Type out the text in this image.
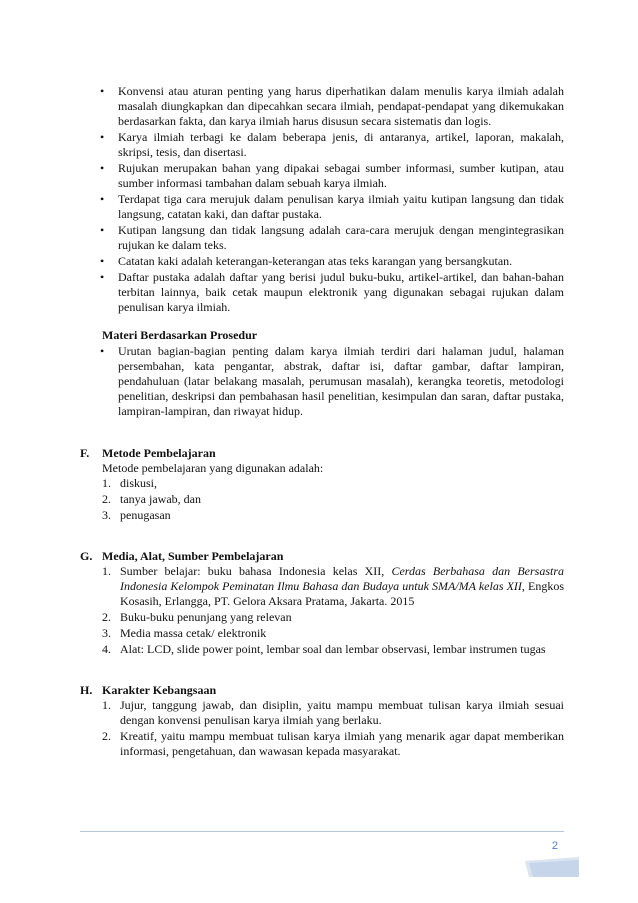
• Konvensi atau aturan penting yang harus diperhatikan dalam menulis karya ilmiah adalah masalah diungkapkan dan dipecahkan secara ilmiah, pendapat-pendapat yang dikemukakan berdasarkan fakta, dan karya ilmiah harus disusun secara sistematis dan logis.
• Karya ilmiah terbagi ke dalam beberapa jenis, di antaranya, artikel, laporan, makalah, skripsi, tesis, dan disertasi.
• Rujukan merupakan bahan yang dipakai sebagai sumber informasi, sumber kutipan, atau sumber informasi tambahan dalam sebuah karya ilmiah.
• Terdapat tiga cara merujuk dalam penulisan karya ilmiah yaitu kutipan langsung dan tidak langsung, catatan kaki, dan daftar pustaka.
• Kutipan langsung dan tidak langsung adalah cara-cara merujuk dengan mengintegrasikan rujukan ke dalam teks.
• Catatan kaki adalah keterangan-keterangan atas teks karangan yang bersangkutan.
• Daftar pustaka adalah daftar yang berisi judul buku-buku, artikel-artikel, dan bahan-bahan terbitan lainnya, baik cetak maupun elektronik yang digunakan sebagai rujukan dalam penulisan karya ilmiah.
Materi Berdasarkan Prosedur
• Urutan bagian-bagian penting dalam karya ilmiah terdiri dari halaman judul, halaman persembahan, kata pengantar, abstrak, daftar isi, daftar gambar, daftar lampiran, pendahuluan (latar belakang masalah, perumusan masalah), kerangka teoretis, metodologi penelitian, deskripsi dan pembahasan hasil penelitian, kesimpulan dan saran, daftar pustaka, lampiran-lampiran, dan riwayat hidup.
F. Metode Pembelajaran
Metode pembelajaran yang digunakan adalah:
1. diskusi,
2. tanya jawab, dan
3. penugasan
G. Media, Alat, Sumber Pembelajaran
1. Sumber belajar: buku bahasa Indonesia kelas XII, Cerdas Berbahasa dan Bersastra Indonesia Kelompok Peminatan Ilmu Bahasa dan Budaya untuk SMA/MA kelas XII, Engkos Kosasih, Erlangga, PT. Gelora Aksara Pratama, Jakarta. 2015
2. Buku-buku penunjang yang relevan
3. Media massa cetak/ elektronik
4. Alat: LCD, slide power point, lembar soal dan lembar observasi, lembar instrumen tugas
H. Karakter Kebangsaan
1. Jujur, tanggung jawab, dan disiplin, yaitu mampu membuat tulisan karya ilmiah sesuai dengan konvensi penulisan karya ilmiah yang berlaku.
2. Kreatif, yaitu mampu membuat tulisan karya ilmiah yang menarik agar dapat memberikan informasi, pengetahuan, dan wawasan kepada masyarakat.
2
